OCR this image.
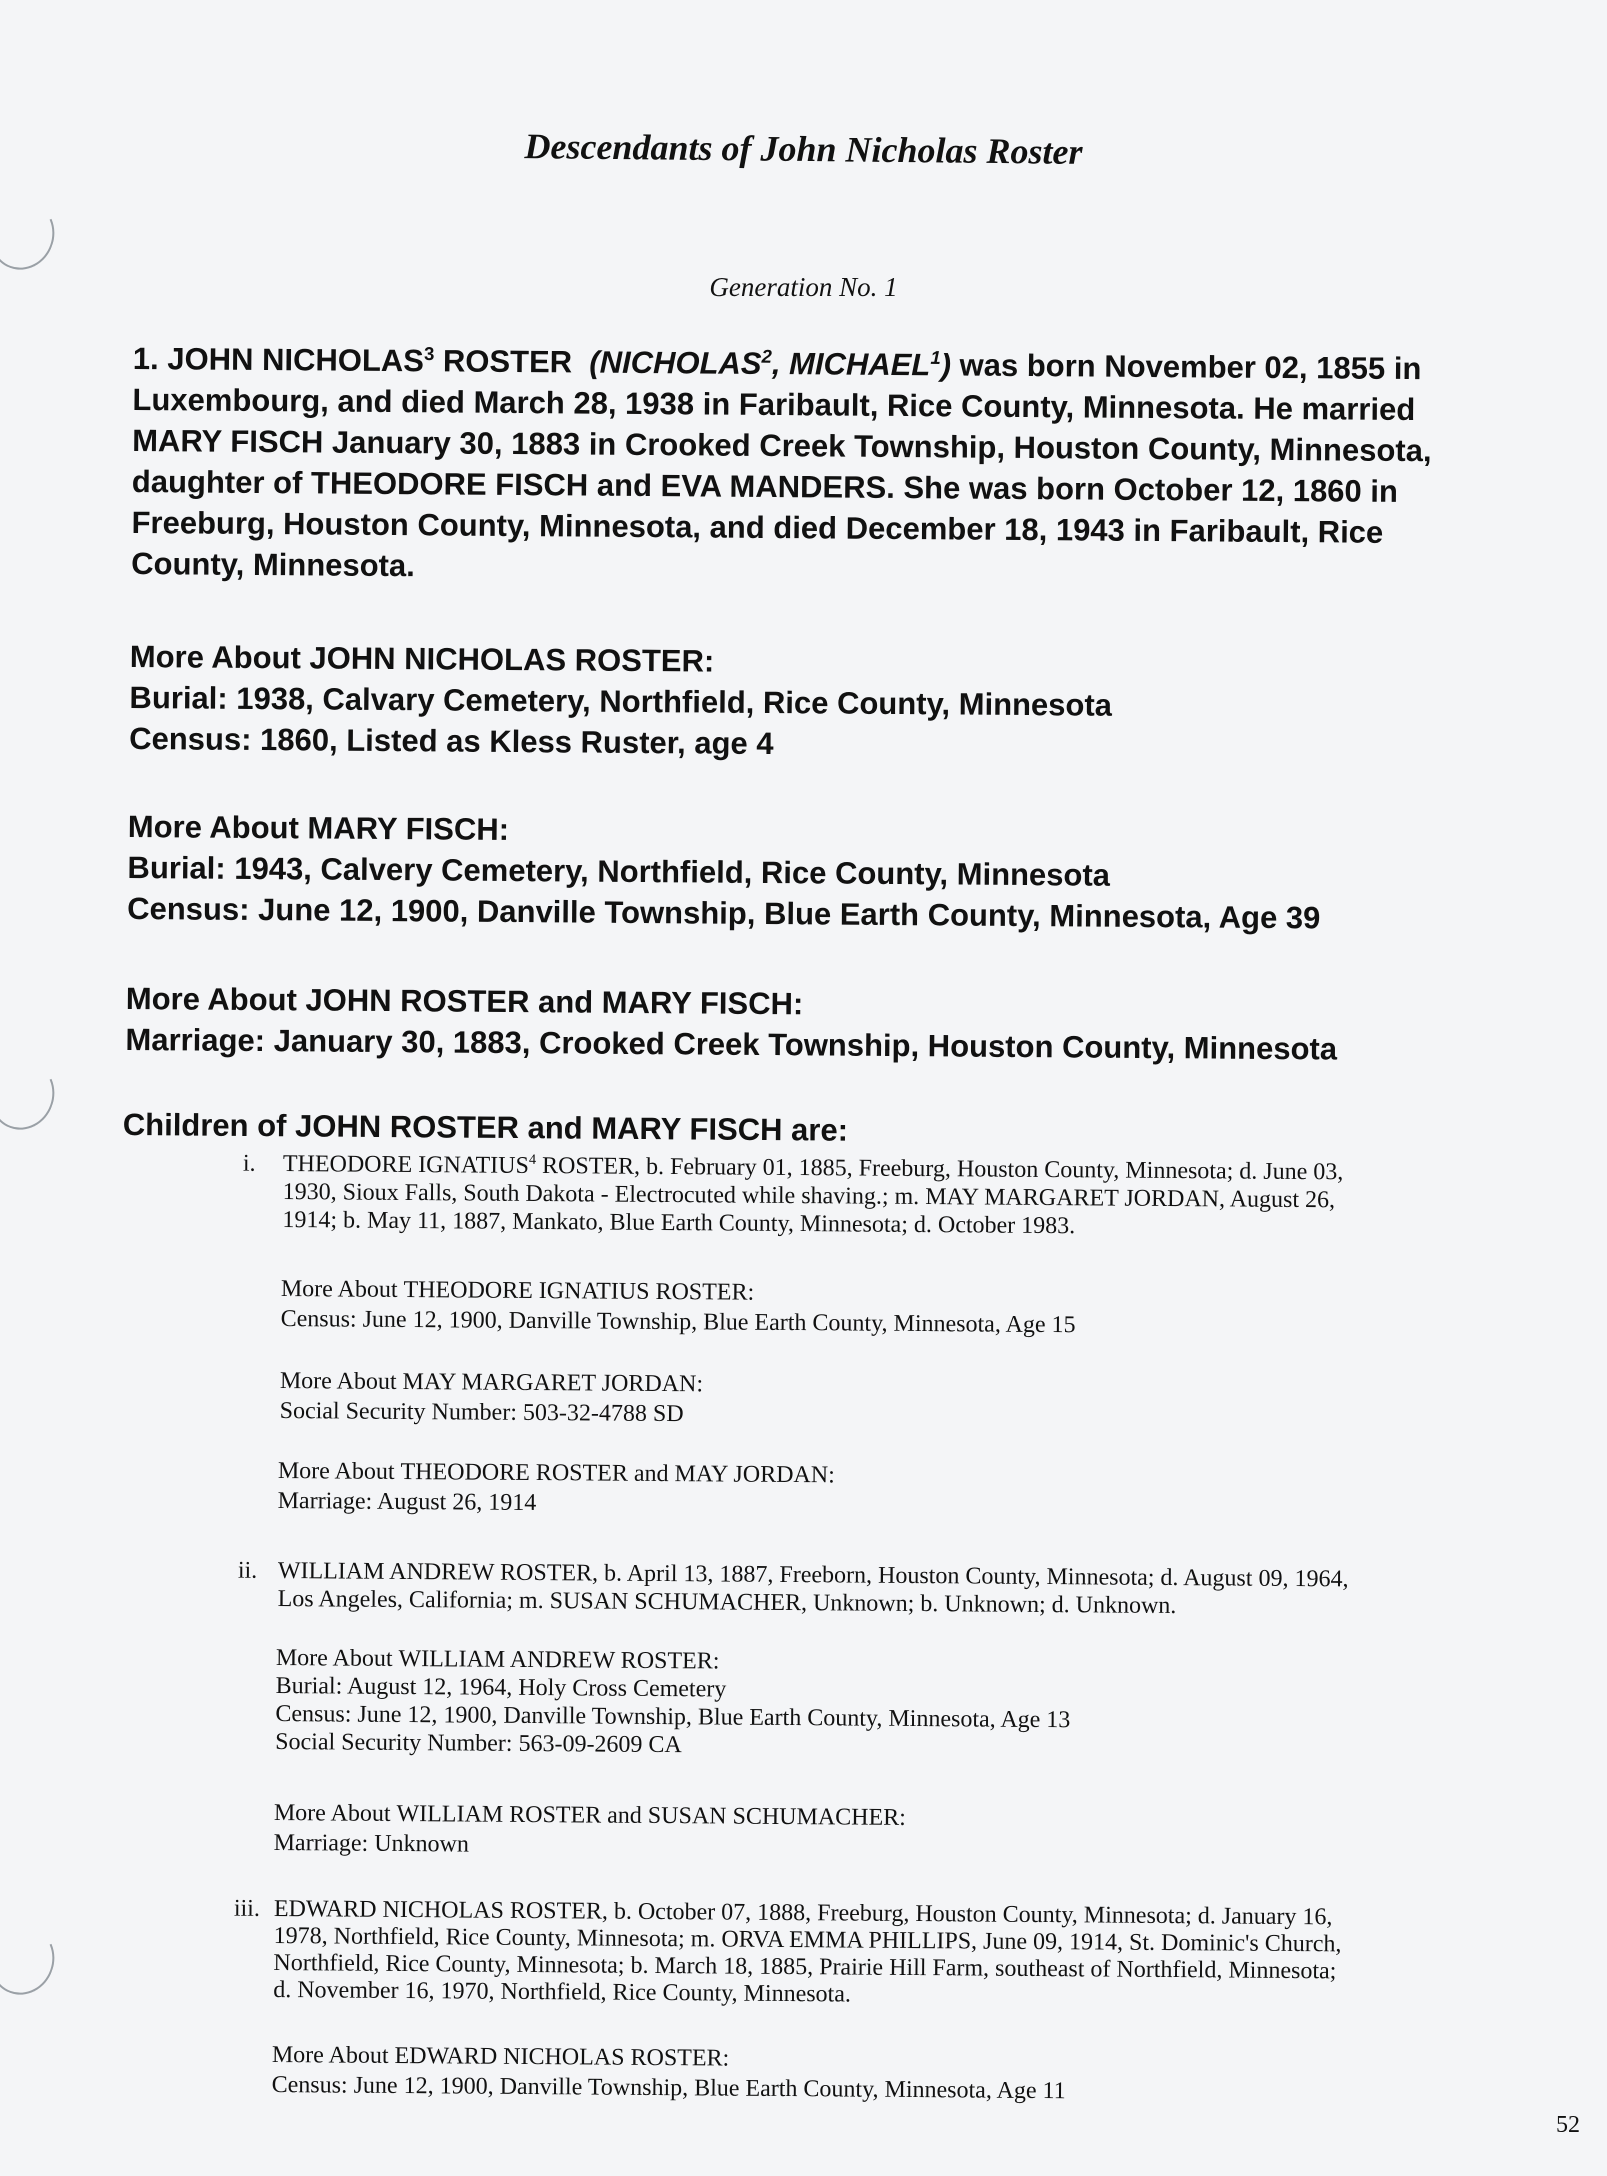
Descendants of John Nicholas Roster
Generation No. 1
1. JOHN NICHOLAS$^3$ ROSTER (NICHOLAS$^2$, MICHAEL$^1$) was born November 02, 1855 in
Luxembourg, and died March 28, 1938 in Faribault, Rice County, Minnesota. He married
MARY FISCH January 30, 1883 in Crooked Creek Township, Houston County, Minnesota,
daughter of THEODORE FISCH and EVA MANDERS. She was born October 12, 1860 in
Freeburg, Houston County, Minnesota, and died December 18, 1943 in Faribault, Rice
County, Minnesota.
More About JOHN NICHOLAS ROSTER:
Burial: 1938, Calvary Cemetery, Northfield, Rice County, Minnesota
Census: 1860, Listed as Kless Ruster, age 4
More About MARY FISCH:
Burial: 1943, Calvery Cemetery, Northfield, Rice County, Minnesota
Census: June 12, 1900, Danville Township, Blue Earth County, Minnesota, Age 39
More About JOHN ROSTER and MARY FISCH:
Marriage: January 30, 1883, Crooked Creek Township, Houston County, Minnesota
Children of JOHN ROSTER and MARY FISCH are:
i. THEODORE IGNATIUS$^4$ ROSTER, b. February 01, 1885, Freeburg, Houston County, Minnesota; d. June 03,
1930, Sioux Falls, South Dakota - Electrocuted while shaving.; m. MAY MARGARET JORDAN, August 26,
1914; b. May 11, 1887, Mankato, Blue Earth County, Minnesota; d. October 1983.
More About THEODORE IGNATIUS ROSTER:
Census: June 12, 1900, Danville Township, Blue Earth County, Minnesota, Age 15
More About MAY MARGARET JORDAN:
Social Security Number: 503-32-4788 SD
More About THEODORE ROSTER and MAY JORDAN:
Marriage: August 26, 1914
ii. WILLIAM ANDREW ROSTER, b. April 13, 1887, Freeborn, Houston County, Minnesota; d. August 09, 1964,
Los Angeles, California; m. SUSAN SCHUMACHER, Unknown; b. Unknown; d. Unknown.
More About WILLIAM ANDREW ROSTER:
Burial: August 12, 1964, Holy Cross Cemetery
Census: June 12, 1900, Danville Township, Blue Earth County, Minnesota, Age 13
Social Security Number: 563-09-2609 CA
More About WILLIAM ROSTER and SUSAN SCHUMACHER:
Marriage: Unknown
iii. EDWARD NICHOLAS ROSTER, b. October 07, 1888, Freeburg, Houston County, Minnesota; d. January 16,
1978, Northfield, Rice County, Minnesota; m. ORVA EMMA PHILLIPS, June 09, 1914, St. Dominic's Church,
Northfield, Rice County, Minnesota; b. March 18, 1885, Prairie Hill Farm, southeast of Northfield, Minnesota;
d. November 16, 1970, Northfield, Rice County, Minnesota.
More About EDWARD NICHOLAS ROSTER:
Census: June 12, 1900, Danville Township, Blue Earth County, Minnesota, Age 11
52
